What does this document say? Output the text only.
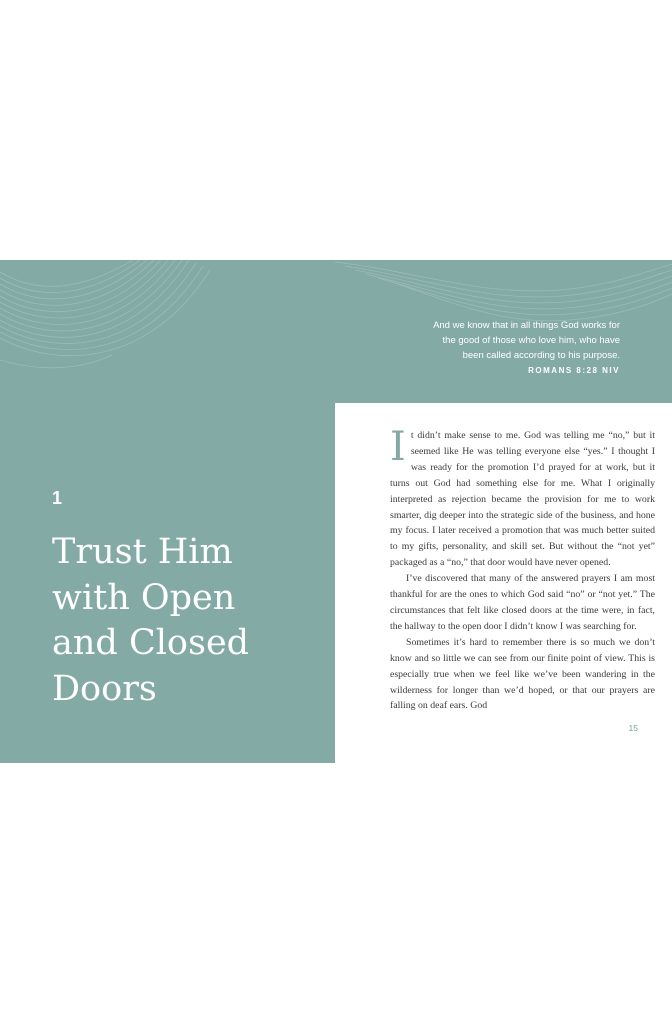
And we know that in all things God works for
the good of those who love him, who have
been called according to his purpose.
ROMANS 8:28 NIV
1
Trust Him
with Open
and Closed
Doors

It didn’t make sense to me. God was telling me “no,” but it seemed like He was telling everyone else “yes.” I thought I was ready for the promotion I’d prayed for at work, but it turns out God had something else for me. What I originally interpreted as rejection became the provision for me to work smarter, dig deeper into the strategic side of the business, and hone my focus. I later received a promotion that was much better suited to my gifts, personality, and skill set. But without the “not yet” packaged as a “no,” that door would have never opened.

I’ve discovered that many of the answered prayers I am most thankful for are the ones to which God said “no” or “not yet.” The circumstances that felt like closed doors at the time were, in fact, the hallway to the open door I didn’t know I was searching for.

Sometimes it’s hard to remember there is so much we don’t know and so little we can see from our finite point of view. This is especially true when we feel like we’ve been wandering in the wilderness for longer than we’d hoped, or that our prayers are falling on deaf ears. God

15
